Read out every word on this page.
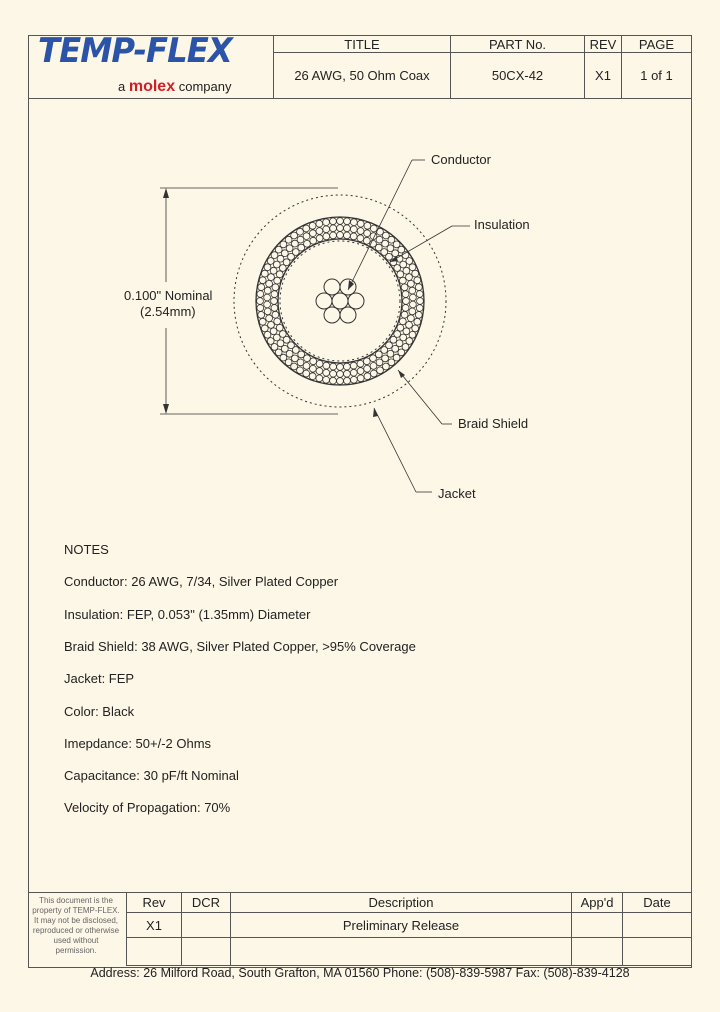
TEMP-FLEX
a molex company
TITLE	PART No.	REV	PAGE
26 AWG, 50 Ohm Coax	50CX-42	X1	1 of 1
0.100" Nominal
(2.54mm)
Conductor
Insulation
Braid Shield
Jacket
NOTES
Conductor: 26 AWG, 7/34, Silver Plated Copper
Insulation: FEP, 0.053" (1.35mm) Diameter
Braid Shield: 38 AWG, Silver Plated Copper, >95% Coverage
Jacket: FEP
Color: Black
Imepdance: 50+/-2 Ohms
Capacitance: 30 pF/ft Nominal
Velocity of Propagation: 70%
This document is the property of TEMP-FLEX. It may not be disclosed, reproduced or otherwise used without permission.
Rev	DCR	Description	App'd	Date
X1		Preliminary Release		

Address: 26 Milford Road, South Grafton, MA 01560 Phone: (508)-839-5987 Fax: (508)-839-4128
